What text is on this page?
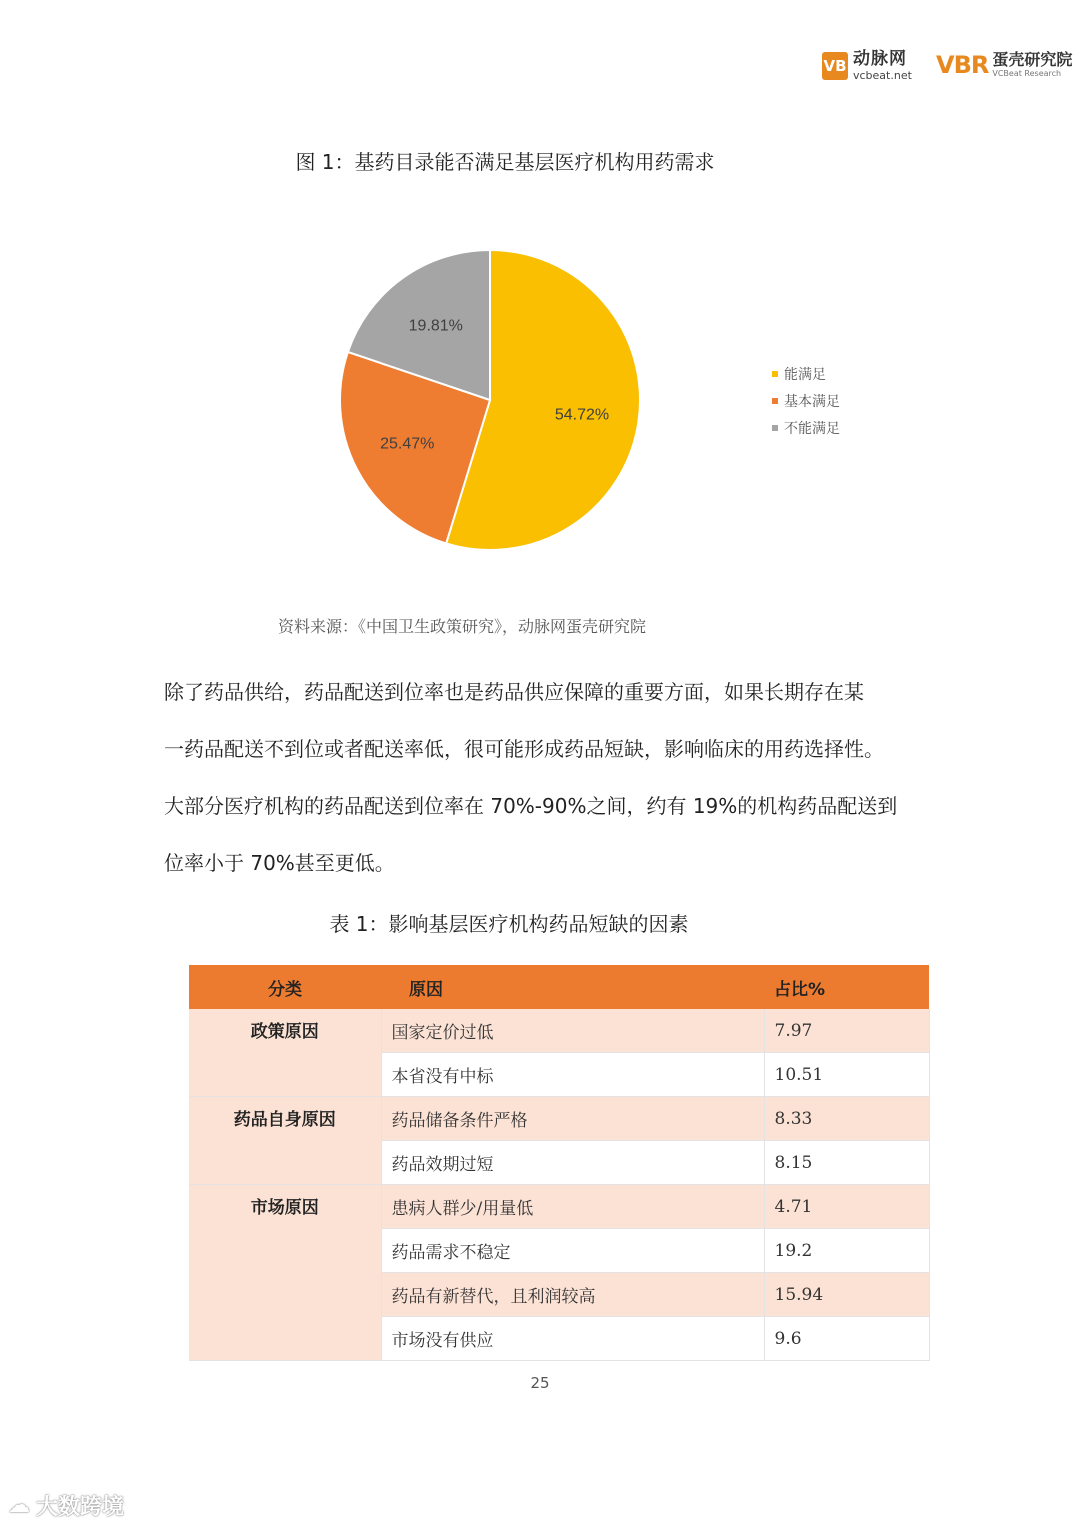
VB 动脉网
vcbeat.net VBR 蛋壳研究院
VCBeat Research
图 1：基药目录能否满足基层医疗机构用药需求
54.72%
25.47%
19.81%
能满足
基本满足
不能满足
资料来源：《中国卫生政策研究》，动脉网蛋壳研究院

除了药品供给，药品配送到位率也是药品供应保障的重要方面，如果长期存在某

一药品配送不到位或者配送率低，很可能形成药品短缺，影响临床的用药选择性。

大部分医疗机构的药品配送到位率在 70%-90%之间，约有 19%的机构药品配送到

位率小于 70%甚至更低。

表 1：影响基层医疗机构药品短缺的因素
分类	原因	占比%
政策原因	国家定价过低	7.97
	本省没有中标	10.51
药品自身原因	药品储备条件严格	8.33
	药品效期过短	8.15
市场原因	患病人群少/用量低	4.71
	药品需求不稳定	19.2
	药品有新替代，且利润较高	15.94
	市场没有供应	9.6
25
☁ 大数跨境
